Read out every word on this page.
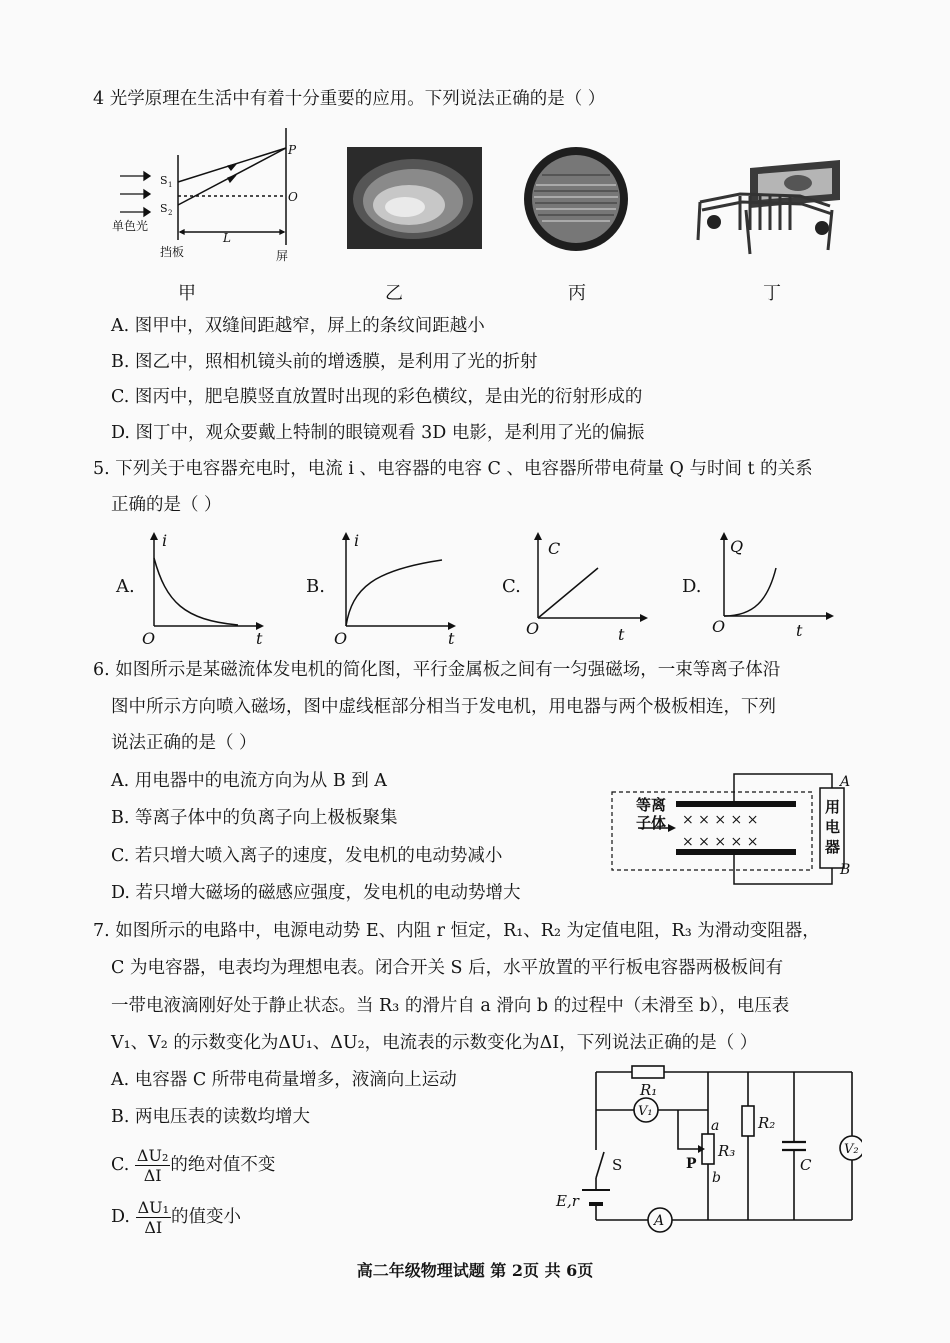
4 光学原理在生活中有着十分重要的应用。下列说法正确的是（ ）
S 1
S 2
P
O
L
单色光
挡板	屏
甲	乙	丙	丁
A. 图甲中，双缝间距越窄，屏上的条纹间距越小
B. 图乙中，照相机镜头前的增透膜，是利用了光的折射
C. 图丙中，肥皂膜竖直放置时出现的彩色横纹，是由光的衍射形成的
D. 图丁中，观众要戴上特制的眼镜观看 3D 电影，是利用了光的偏振
5. 下列关于电容器充电时，电流 i 、电容器的电容 C 、电容器所带电荷量 Q 与时间 t 的关系
正确的是（ ）
A.
i
t
O
B.
i
t
O
C.
C
t
O
D.
Q
t
O
6. 如图所示是某磁流体发电机的简化图，平行金属板之间有一匀强磁场，一束等离子体沿
图中所示方向喷入磁场，图中虚线框部分相当于发电机，用电器与两个极板相连，下列
说法正确的是（ ）
A. 用电器中的电流方向为从 B 到 A
B. 等离子体中的负离子向上极板聚集
C. 若只增大喷入离子的速度，发电机的电动势减小
D. 若只增大磁场的磁感应强度，发电机的电动势增大
等离
子体 × × × × ×
× × × × ×
用
电
器
A
B
7. 如图所示的电路中，电源电动势 E、内阻 r 恒定，R₁、R₂ 为定值电阻，R₃ 为滑动变阻器，
C 为电容器，电表均为理想电表。闭合开关 S 后，水平放置的平行板电容器两极板间有
一带电液滴刚好处于静止状态。当 R₃ 的滑片自 a 滑向 b 的过程中（未滑至 b），电压表
V₁、V₂ 的示数变化为ΔU₁、ΔU₂，电流表的示数变化为ΔI，下列说法正确的是（ ）
A. 电容器 C 所带电荷量增多，液滴向上运动
B. 两电压表的读数均增大
C. $\frac{\text{ΔU₂}}{\Delta I}$ 的绝对值不变
D. $\frac{\text{ΔU₁}}{\Delta I}$ 的值变小
R₁
V₁
V₂
A
R₂
R₃
a
b
P	C
S
E,r
高二年级物理试题 第 2页 共 6页
